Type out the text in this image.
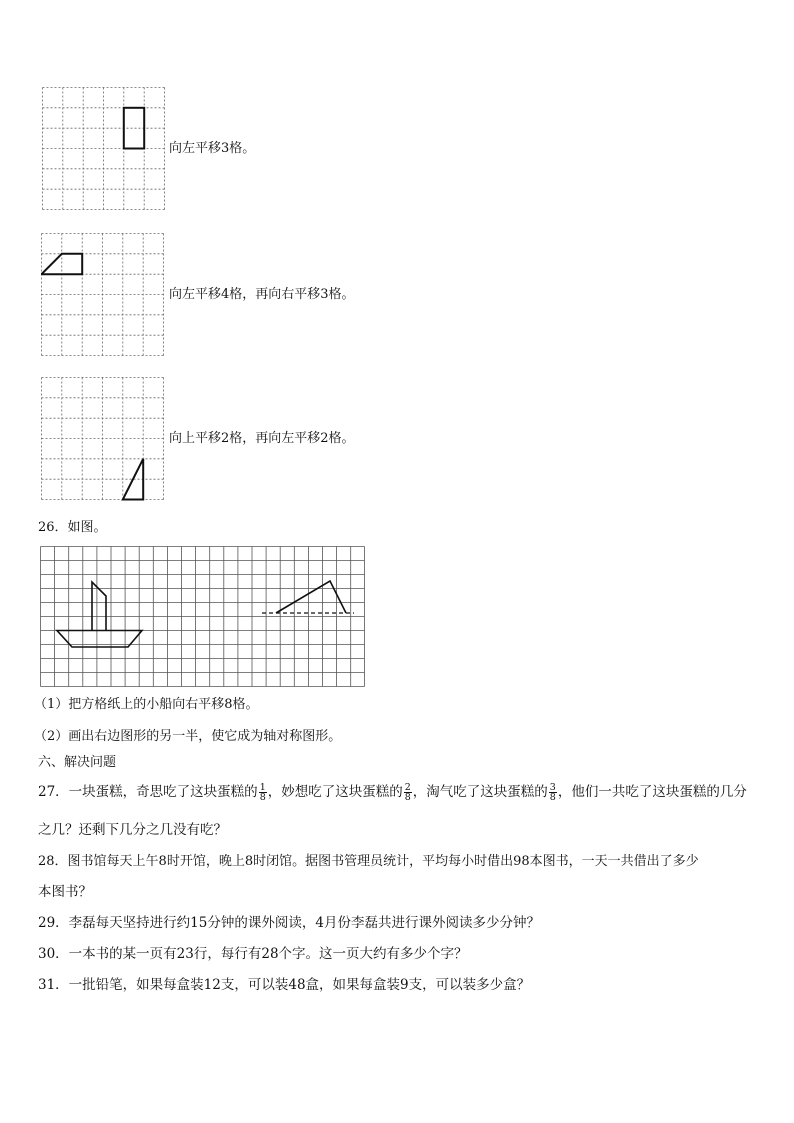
向左平移3格。
向左平移4格，再向右平移3格。
向上平移2格，再向左平移2格。
26．如图。
（1）把方格纸上的小船向右平移8格。
（2）画出右边图形的另一半，使它成为轴对称图形。
六、解决问题
27．一块蛋糕，奇思吃了这块蛋糕的 $\frac{1}{8}$ ，妙想吃了这块蛋糕的 $\frac{2}{8}$ ，淘气吃了这块蛋糕的 $\frac{3}{8}$ ，他们一共吃了这块蛋糕的几分
之几？还剩下几分之几没有吃？
28．图书馆每天上午8时开馆，晚上8时闭馆。据图书管理员统计，平均每小时借出98本图书，一天一共借出了多少
本图书？
29．李磊每天坚持进行约15分钟的课外阅读，4月份李磊共进行课外阅读多少分钟？
30．一本书的某一页有23行，每行有28个字。这一页大约有多少个字？
31．一批铅笔，如果每盒装12支，可以装48盒，如果每盒装9支，可以装多少盒？
